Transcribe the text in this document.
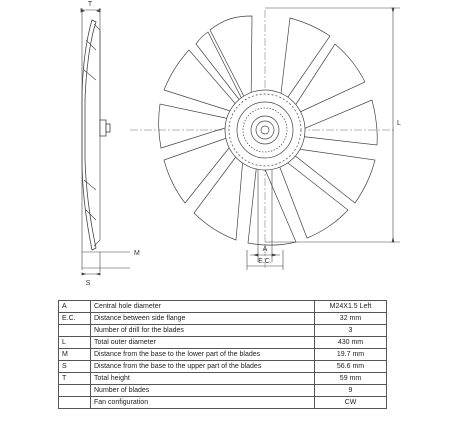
T
M
S
L
A
E.C.
A	Central hole diameter	M24X1.5 Left
E.C.	Distance between side flange	32 mm
	Number of drill for the blades	3
L	Total outer diameter	430 mm
M	Distance from the base to the lower part of the blades	19.7 mm
S	Distance from the base to the upper part of the blades	56.6 mm
T	Total height	59 mm
	Number of blades	9
	Fan configuration	CW
